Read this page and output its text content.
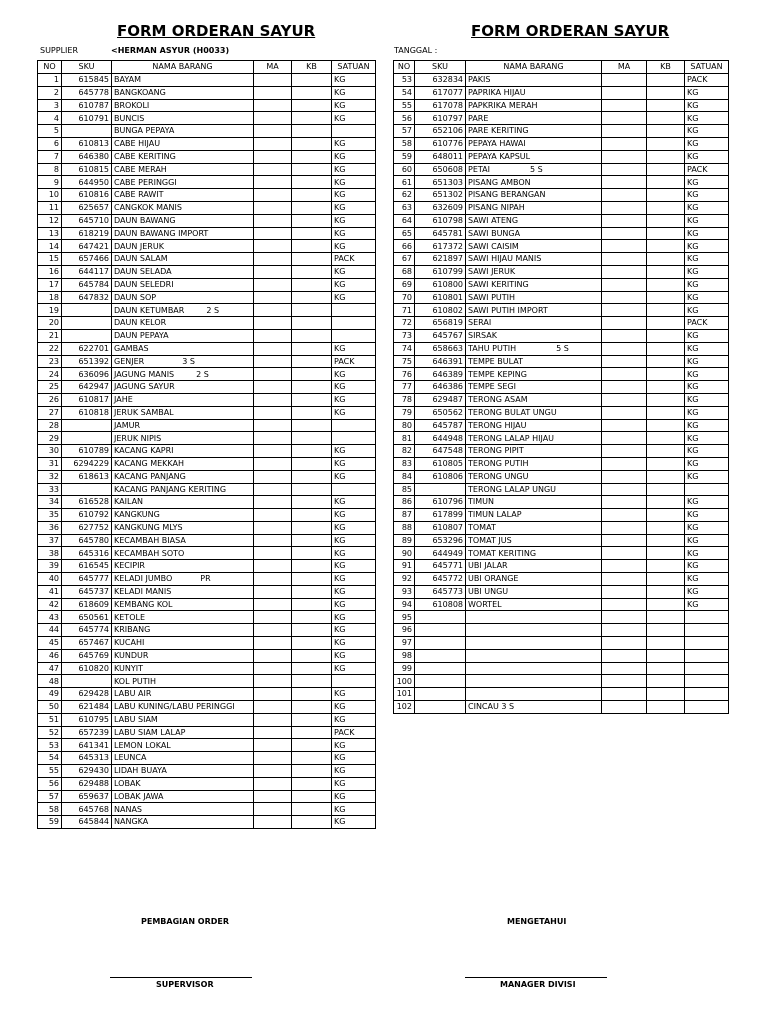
FORM ORDERAN SAYUR	FORM ORDERAN SAYUR
SUPPLIER	<HERMAN ASYUR (H0033)	TANGGAL :
NO	SKU	NAMA BARANG	MA	KB	SATUAN
1	615845	BAYAM			KG
2	645778	BANGKOANG			KG
3	610787	BROKOLI			KG
4	610791	BUNCIS			KG
5		BUNGA PEPAYA			
6	610813	CABE HIJAU			KG
7	646380	CABE KERITING			KG
8	610815	CABE MERAH			KG
9	644950	CABE PERINGGI			KG
10	610816	CABE RAWIT			KG
11	625657	CANGKOK MANIS			KG
12	645710	DAUN BAWANG			KG
13	618219	DAUN BAWANG IMPORT			KG
14	647421	DAUN JERUK			KG
15	657466	DAUN SALAM			PACK
16	644117	DAUN SELADA			KG
17	645784	DAUN SELEDRI			KG
18	647832	DAUN SOP			KG
19		DAUN KETUMBAR 2 S			
20		DAUN KELOR			
21		DAUN PEPAYA			
22	622701	GAMBAS			KG
23	651392	GENJER 3 S			PACK
24	636096	JAGUNG MANIS 2 S			KG
25	642947	JAGUNG SAYUR			KG
26	610817	JAHE			KG
27	610818	JERUK SAMBAL			KG
28		JAMUR			
29		JERUK NIPIS			
30	610789	KACANG KAPRI			KG
31	6294229	KACANG MEKKAH			KG
32	618613	KACANG PANJANG			KG
33		KACANG PANJANG KERITING			
34	616528	KAILAN			KG
35	610792	KANGKUNG			KG
36	627752	KANGKUNG MLYS			KG
37	645780	KECAMBAH BIASA			KG
38	645316	KECAMBAH SOTO			KG
39	616545	KECIPIR			KG
40	645777	KELADI JUMBO PR			KG
41	645737	KELADI MANIS			KG
42	618609	KEMBANG KOL			KG
43	650561	KETOLE			KG
44	645774	KRIBANG			KG
45	657467	KUCAHI			KG
46	645769	KUNDUR			KG
47	610820	KUNYIT			KG
48		KOL PUTIH			
49	629428	LABU AIR			KG
50	621484	LABU KUNING/LABU PERINGGI			KG
51	610795	LABU SIAM			KG
52	657239	LABU SIAM LALAP			PACK
53	641341	LEMON LOKAL			KG
54	645313	LEUNCA			KG
55	629430	LIDAH BUAYA			KG
56	629488	LOBAK			KG
57	659637	LOBAK JAWA			KG
58	645768	NANAS			KG
59	645844	NANGKA			KG
NO	SKU	NAMA BARANG	MA	KB	SATUAN
53	632834	PAKIS			PACK
54	617077	PAPRIKA HIJAU			KG
55	617078	PAPKRIKA MERAH			KG
56	610797	PARE			KG
57	652106	PARE KERITING			KG
58	610776	PEPAYA HAWAI			KG
59	648011	PEPAYA KAPSUL			KG
60	650608	PETAI 5 S			PACK
61	651303	PISANG AMBON			KG
62	651302	PISANG BERANGAN			KG
63	632609	PISANG NIPAH			KG
64	610798	SAWI ATENG			KG
65	645781	SAWI BUNGA			KG
66	617372	SAWI CAISIM			KG
67	621897	SAWI HIJAU MANIS			KG
68	610799	SAWI JERUK			KG
69	610800	SAWI KERITING			KG
70	610801	SAWI PUTIH			KG
71	610802	SAWI PUTIH IMPORT			KG
72	656819	SERAI			PACK
73	645767	SIRSAK			KG
74	658663	TAHU PUTIH 5 S			KG
75	646391	TEMPE BULAT			KG
76	646389	TEMPE KEPING			KG
77	646386	TEMPE SEGI			KG
78	629487	TERONG ASAM			KG
79	650562	TERONG BULAT UNGU			KG
80	645787	TERONG HIJAU			KG
81	644948	TERONG LALAP HIJAU			KG
82	647548	TERONG PIPIT			KG
83	610805	TERONG PUTIH			KG
84	610806	TERONG UNGU			KG
85		TERONG LALAP UNGU			
86	610796	TIMUN			KG
87	617899	TIMUN LALAP			KG
88	610807	TOMAT			KG
89	653296	TOMAT JUS			KG
90	644949	TOMAT KERITING			KG
91	645771	UBI JALAR			KG
92	645772	UBI ORANGE			KG
93	645773	UBI UNGU			KG
94	610808	WORTEL			KG
95					
96					
97					
98					
99					
100					
101					
102		CINCAU 3 S			
PEMBAGIAN ORDER	MENGETAHUI
SUPERVISOR	MANAGER DIVISI
